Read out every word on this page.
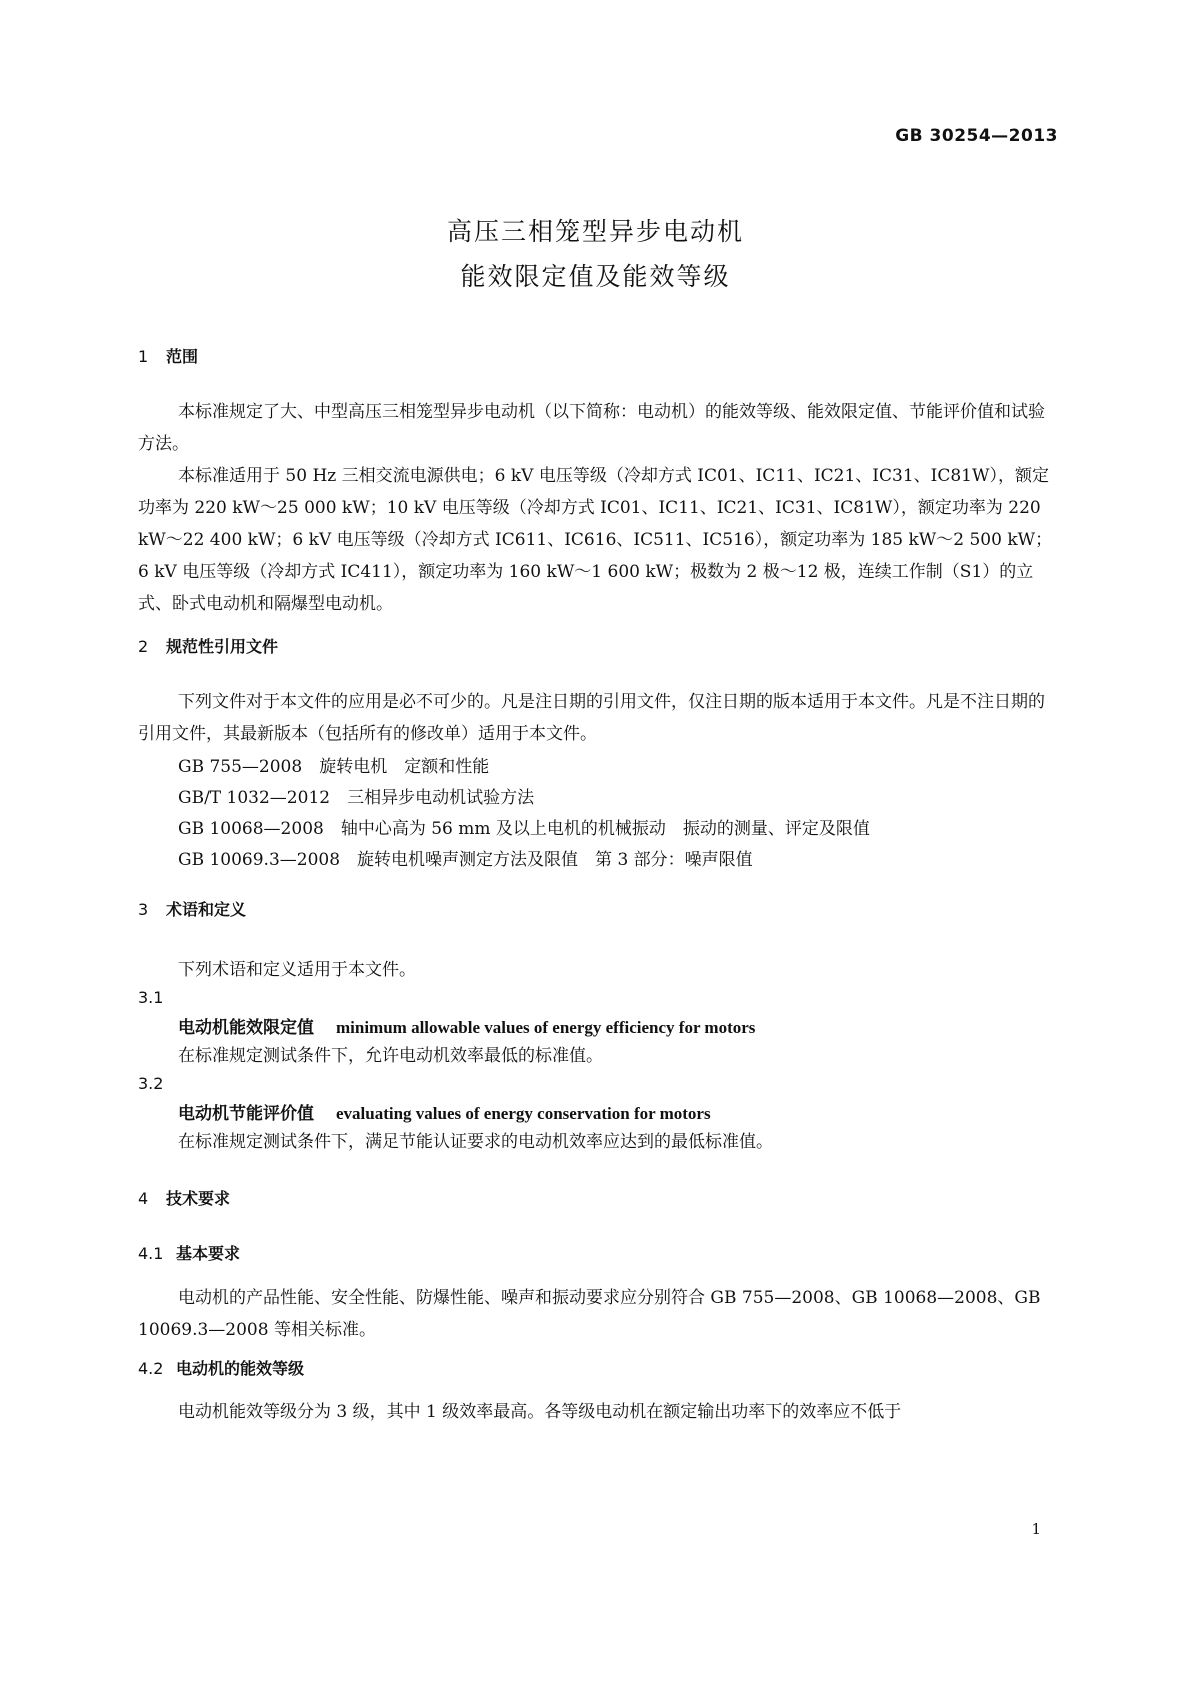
GB 30254—2013
高压三相笼型异步电动机
能效限定值及能效等级
1 范围
本标准规定了大、中型高压三相笼型异步电动机（以下简称：电动机）的能效等级、能效限定值、节能评价值和试验方法。
本标准适用于 50 Hz 三相交流电源供电；6 kV 电压等级（冷却方式 IC01、IC11、IC21、IC31、IC81W），额定功率为 220 kW～25 000 kW；10 kV 电压等级（冷却方式 IC01、IC11、IC21、IC31、IC81W），额定功率为 220 kW～22 400 kW；6 kV 电压等级（冷却方式 IC611、IC616、IC511、IC516），额定功率为 185 kW～2 500 kW；6 kV 电压等级（冷却方式 IC411），额定功率为 160 kW～1 600 kW；极数为 2 极～12 极，连续工作制（S1）的立式、卧式电动机和隔爆型电动机。
2 规范性引用文件
下列文件对于本文件的应用是必不可少的。凡是注日期的引用文件，仅注日期的版本适用于本文件。凡是不注日期的引用文件，其最新版本（包括所有的修改单）适用于本文件。
GB 755—2008　旋转电机　定额和性能
GB/T 1032—2012　三相异步电动机试验方法
GB 10068—2008　轴中心高为 56 mm 及以上电机的机械振动　振动的测量、评定及限值
GB 10069.3—2008　旋转电机噪声测定方法及限值　第 3 部分：噪声限值
3 术语和定义
下列术语和定义适用于本文件。
3.1
电动机能效限定值 minimum allowable values of energy efficiency for motors
在标准规定测试条件下，允许电动机效率最低的标准值。
3.2
电动机节能评价值 evaluating values of energy conservation for motors
在标准规定测试条件下，满足节能认证要求的电动机效率应达到的最低标准值。
4 技术要求
4.1 基本要求
电动机的产品性能、安全性能、防爆性能、噪声和振动要求应分别符合 GB 755—2008、GB 10068—2008、GB 10069.3—2008 等相关标准。
4.2 电动机的能效等级
电动机能效等级分为 3 级，其中 1 级效率最高。各等级电动机在额定输出功率下的效率应不低于
1
